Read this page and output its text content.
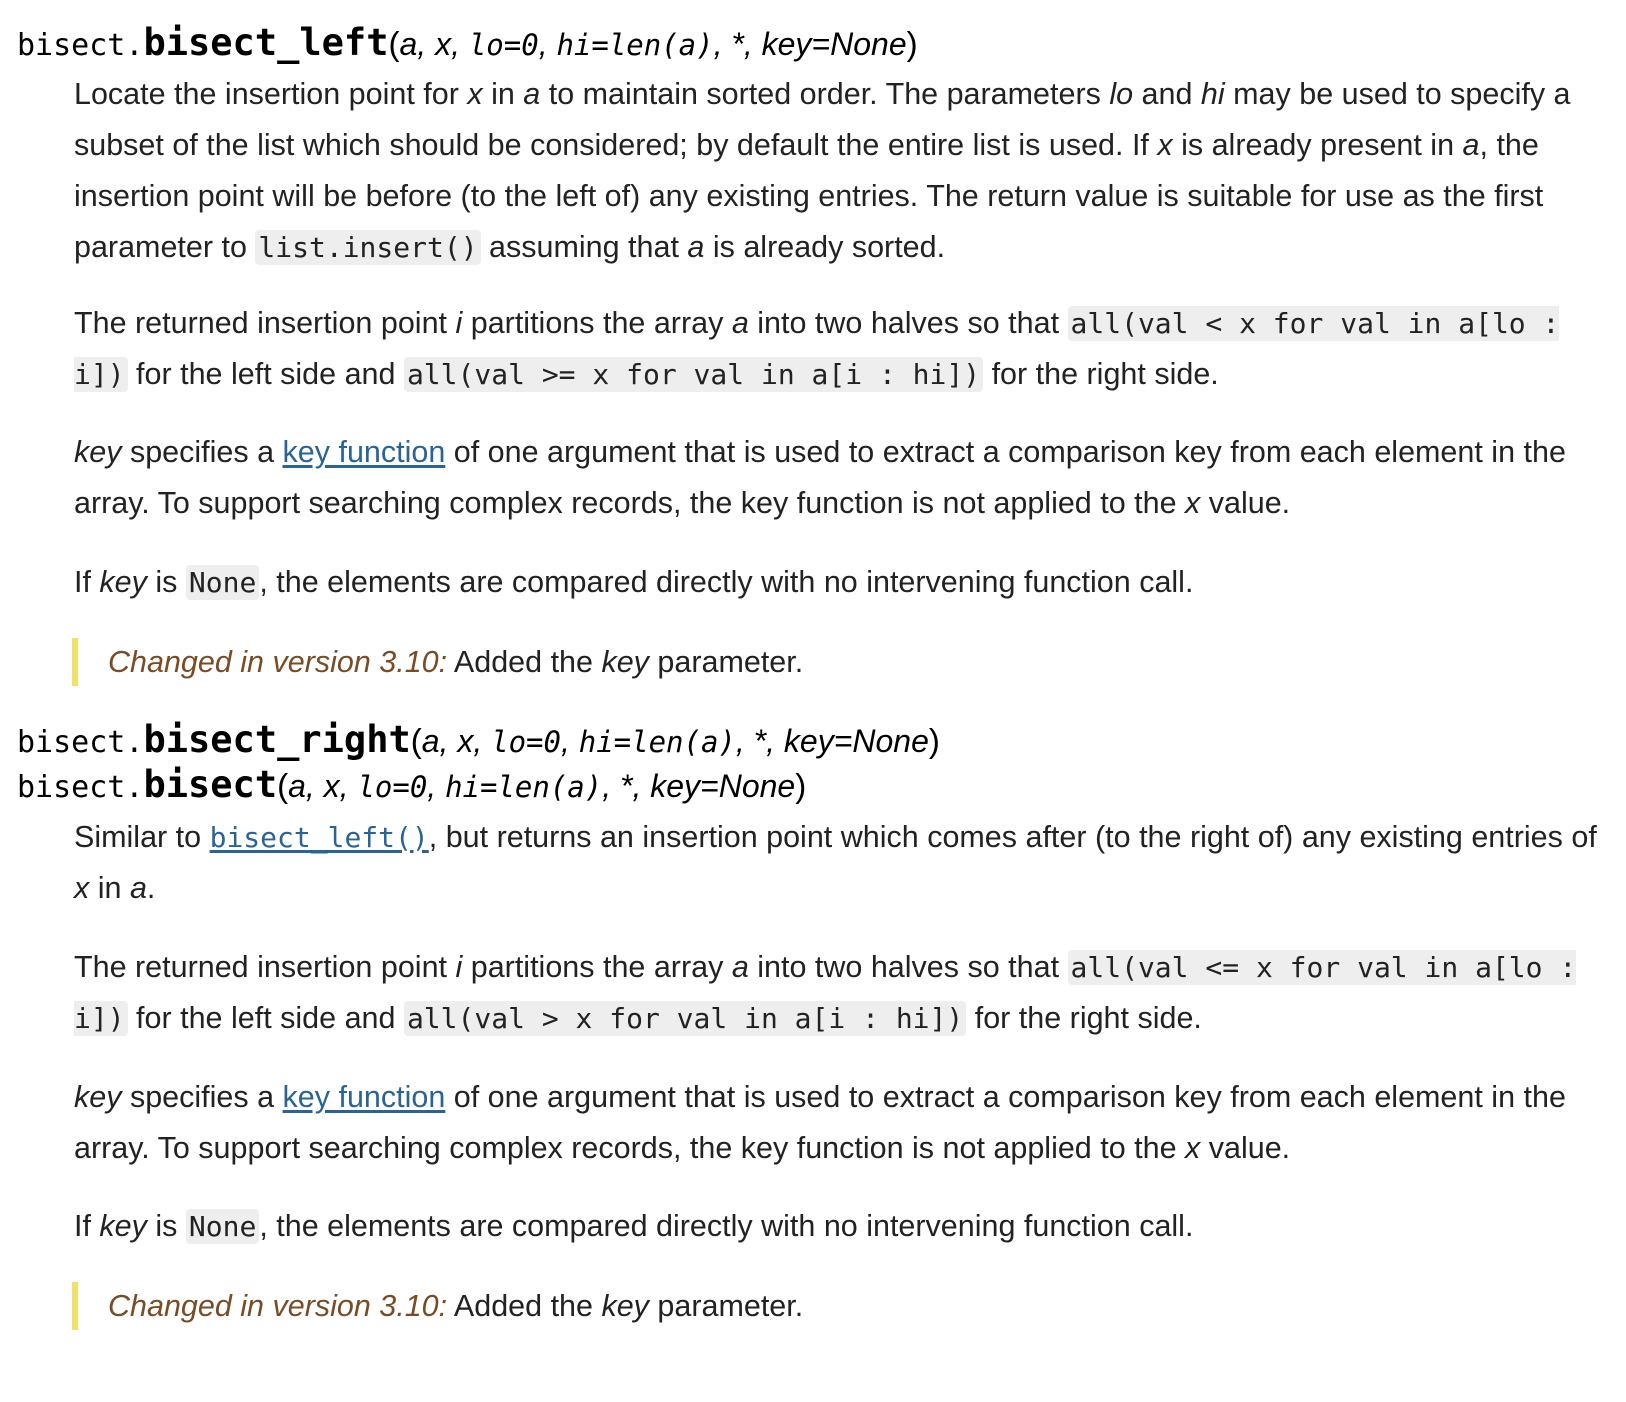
bisect.bisect_left(a, x, lo=0, hi=len(a), *, key=None)
Locate the insertion point for x in a to maintain sorted order. The parameters lo and hi may be used to specify a subset of the list which should be considered; by default the entire list is used. If x is already present in a, the insertion point will be before (to the left of) any existing entries. The return value is suitable for use as the first parameter to list.insert() assuming that a is already sorted.
The returned insertion point i partitions the array a into two halves so that all(val < x for val in a[lo : i]) for the left side and all(val >= x for val in a[i : hi]) for the right side.
key specifies a key function of one argument that is used to extract a comparison key from each element in the array. To support searching complex records, the key function is not applied to the x value.
If key is None, the elements are compared directly with no intervening function call.
Changed in version 3.10: Added the key parameter.
bisect.bisect_right(a, x, lo=0, hi=len(a), *, key=None)
bisect.bisect(a, x, lo=0, hi=len(a), *, key=None)
Similar to bisect_left(), but returns an insertion point which comes after (to the right of) any existing entries of x in a.
The returned insertion point i partitions the array a into two halves so that all(val <= x for val in a[lo : i]) for the left side and all(val > x for val in a[i : hi]) for the right side.
key specifies a key function of one argument that is used to extract a comparison key from each element in the array. To support searching complex records, the key function is not applied to the x value.
If key is None, the elements are compared directly with no intervening function call.
Changed in version 3.10: Added the key parameter.
